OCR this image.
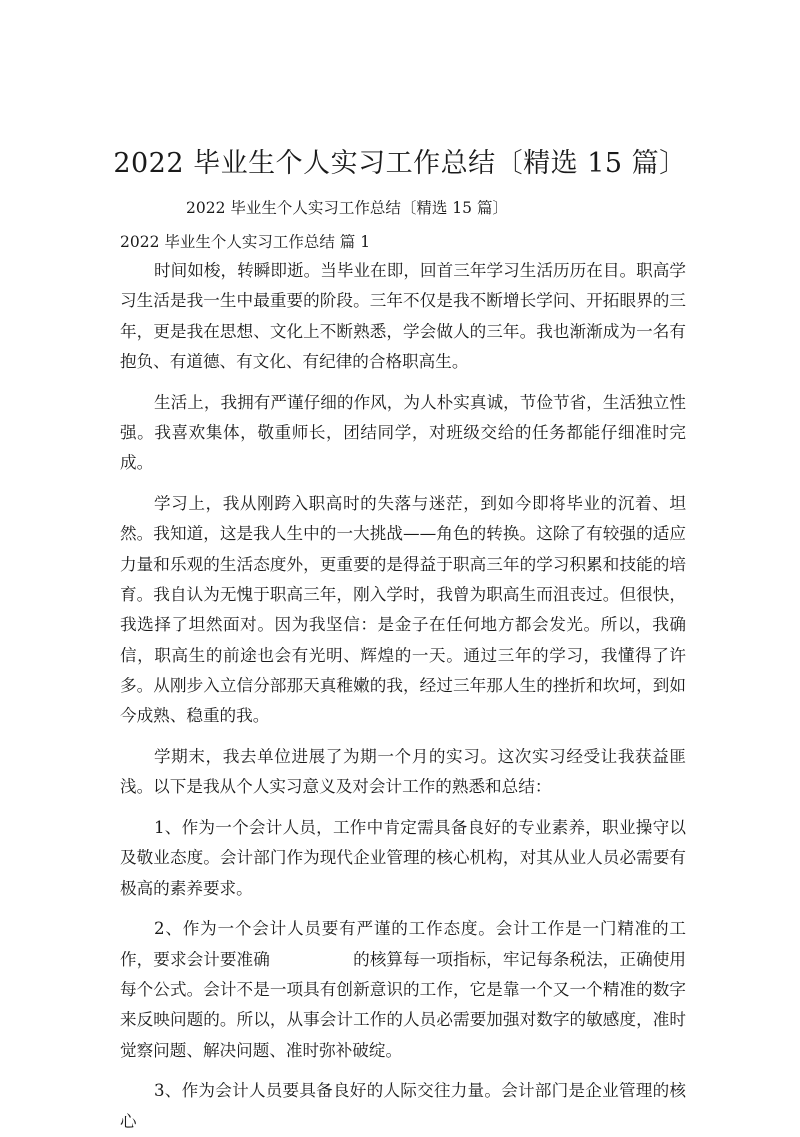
2022 毕业生个人实习工作总结〔精选 15 篇〕
2022 毕业生个人实习工作总结〔精选 15 篇〕
2022 毕业生个人实习工作总结 篇 1

时间如梭，转瞬即逝。当毕业在即，回首三年学习生活历历在目。职高学习生活是我一生中最重要的阶段。三年不仅是我不断增长学问、开拓眼界的三年，更是我在思想、文化上不断熟悉，学会做人的三年。我也渐渐成为一名有抱负、有道德、有文化、有纪律的合格职高生。

生活上，我拥有严谨仔细的作风，为人朴实真诚，节俭节省，生活独立性强。我喜欢集体，敬重师长，团结同学，对班级交给的任务都能仔细准时完成。

学习上，我从刚跨入职高时的失落与迷茫，到如今即将毕业的沉着、坦然。我知道，这是我人生中的一大挑战——角色的转换。这除了有较强的适应力量和乐观的生活态度外，更重要的是得益于职高三年的学习积累和技能的培育。我自认为无愧于职高三年，刚入学时，我曾为职高生而沮丧过。但很快，我选择了坦然面对。因为我坚信：是金子在任何地方都会发光。所以，我确信，职高生的前途也会有光明、辉煌的一天。通过三年的学习，我懂得了许多。从刚步入立信分部那天真稚嫩的我，经过三年那人生的挫折和坎坷，到如今成熟、稳重的我。

学期末，我去单位进展了为期一个月的实习。这次实习经受让我获益匪浅。以下是我从个人实习意义及对会计工作的熟悉和总结：

1、作为一个会计人员，工作中肯定需具备良好的专业素养，职业操守以及敬业态度。会计部门作为现代企业管理的核心机构，对其从业人员必需要有极高的素养要求。

2、作为一个会计人员要有严谨的工作态度。会计工作是一门精准的工作，要求会计要准确　　　　　的核算每一项指标，牢记每条税法，正确使用每个公式。会计不是一项具有创新意识的工作，它是靠一个又一个精准的数字来反映问题的。所以，从事会计工作的人员必需要加强对数字的敏感度，准时觉察问题、解决问题、准时弥补破绽。

3、作为会计人员要具备良好的人际交往力量。会计部门是企业管理的核心
